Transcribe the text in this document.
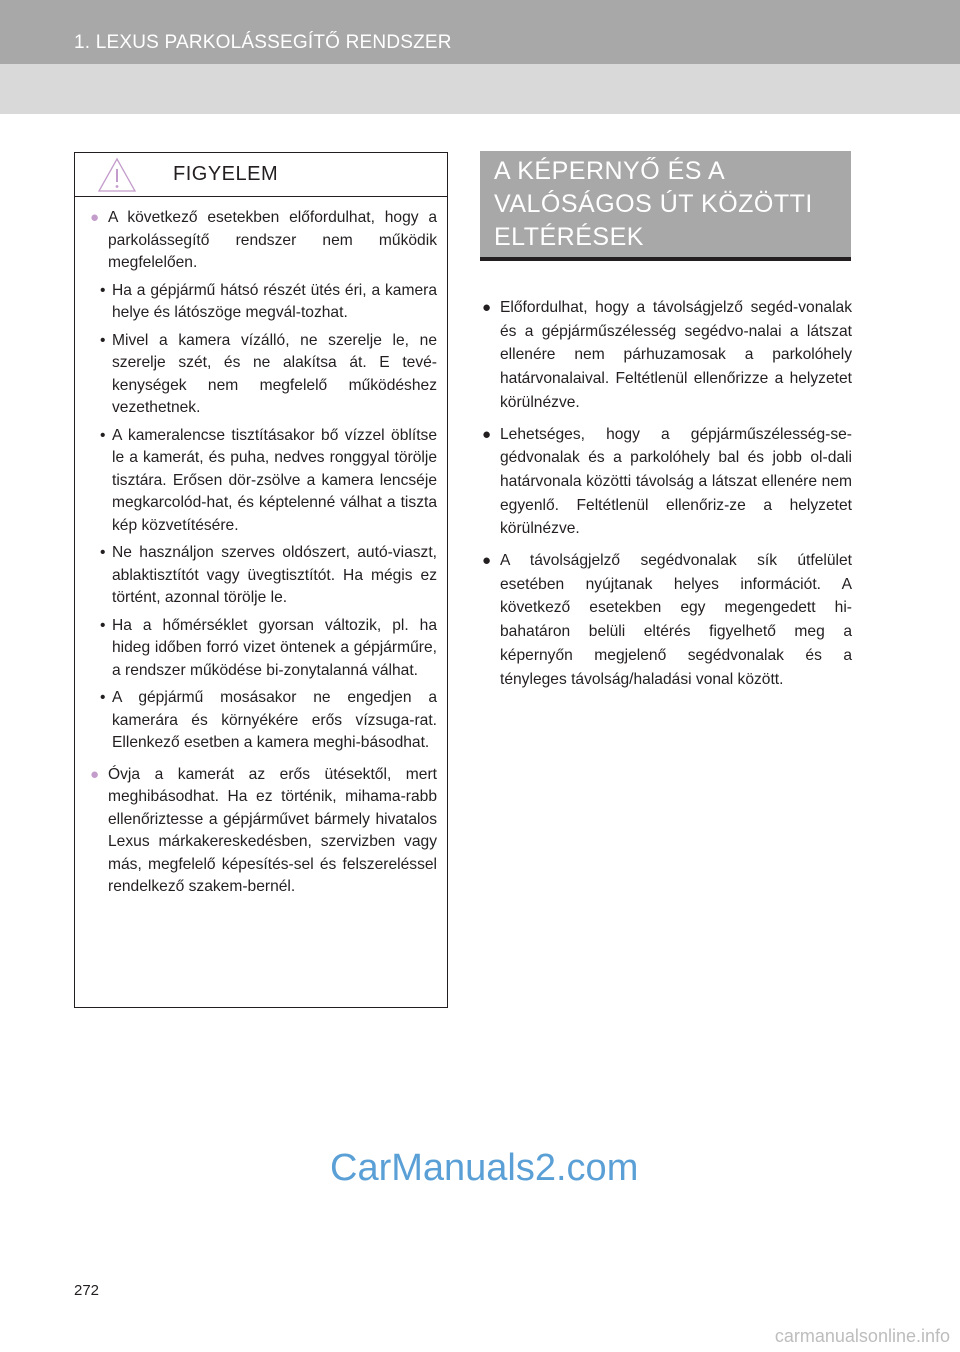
1. LEXUS PARKOLÁSSEGÍTŐ RENDSZER
FIGYELEM
● A következő esetekben előfordulhat, hogy a parkolássegítő rendszer nem működik megfelelően.
• Ha a gépjármű hátsó részét ütés éri, a kamera helye és látószöge megvál-tozhat.
• Mivel a kamera vízálló, ne szerelje le, ne szerelje szét, és ne alakítsa át. E tevé-kenységek nem megfelelő működéshez vezethetnek.
• A kameralencse tisztításakor bő vízzel öblítse le a kamerát, és puha, nedves ronggyal törölje tisztára. Erősen dör-zsölve a kamera lencséje megkarcolód-hat, és képtelenné válhat a tiszta kép közvetítésére.
• Ne használjon szerves oldószert, autó-viaszt, ablaktisztítót vagy üvegtisztítót. Ha mégis ez történt, azonnal törölje le.
• Ha a hőmérséklet gyorsan változik, pl. ha hideg időben forró vizet öntenek a gépjárműre, a rendszer működése bi-zonytalanná válhat.
• A gépjármű mosásakor ne engedjen a kamerára és környékére erős vízsuga-rat. Ellenkező esetben a kamera meghi-básodhat.
● Óvja a kamerát az erős ütésektől, mert meghibásodhat. Ha ez történik, mihama-rabb ellenőriztesse a gépjárművet bármely hivatalos Lexus márkakereskedésben, szervizben vagy más, megfelelő képesítés-sel és felszereléssel rendelkező szakem-bernél.
A KÉPERNYŐ ÉS A
VALÓSÁGOS ÚT KÖZÖTTI
ELTÉRÉSEK
● Előfordulhat, hogy a távolságjelző segéd-vonalak és a gépjárműszélesség segédvo-nalai a látszat ellenére nem párhuzamosak a parkolóhely határvonalaival. Feltétlenül ellenőrizze a helyzetet körülnézve.
● Lehetséges, hogy a gépjárműszélesség-se-gédvonalak és a parkolóhely bal és jobb ol-dali határvonala közötti távolság a látszat ellenére nem egyenlő. Feltétlenül ellenőriz-ze a helyzetet körülnézve.
● A távolságjelző segédvonalak sík útfelület esetében nyújtanak helyes információt. A következő esetekben egy megengedett hi-bahatáron belüli eltérés figyelhető meg a képernyőn megjelenő segédvonalak és a tényleges távolság/haladási vonal között.
CarManuals2.com
272
carmanualsonline.info
